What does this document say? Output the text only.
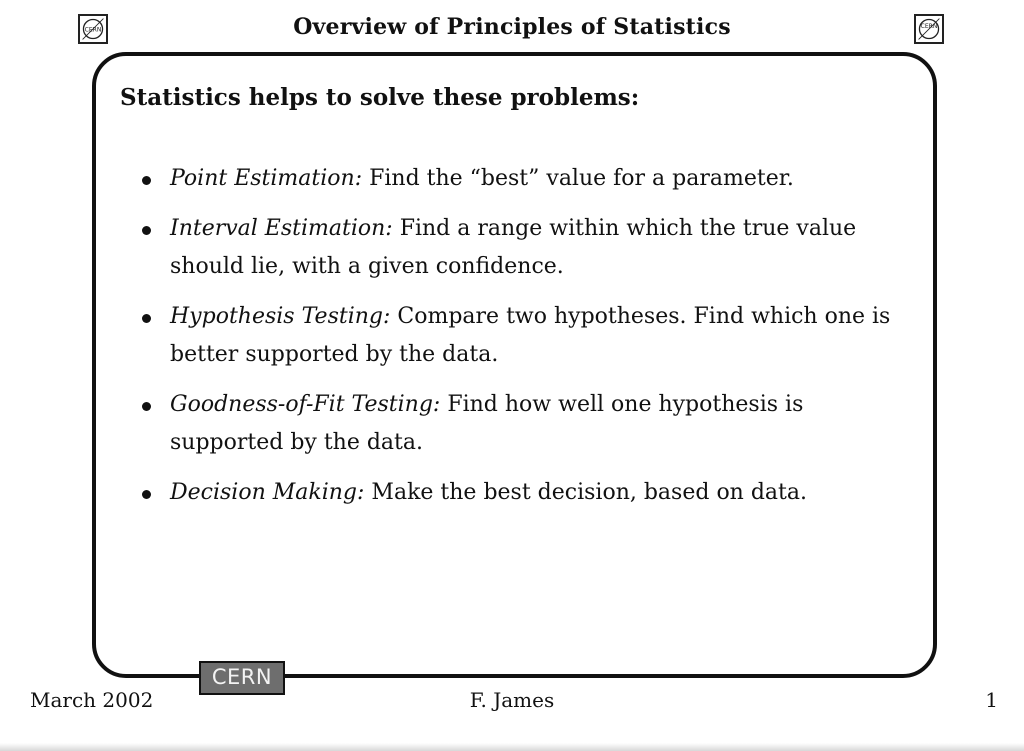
CERN	Overview of Principles of Statistics	CERN
Statistics helps to solve these problems:
Point Estimation: Find the “best” value for a parameter.
Interval Estimation: Find a range within which the true value should lie, with a given confidence.
Hypothesis Testing: Compare two hypotheses. Find which one is better supported by the data.
Goodness-of-Fit Testing: Find how well one hypothesis is supported by the data.
Decision Making: Make the best decision, based on data.
CERN
March 2002	F. James	1
